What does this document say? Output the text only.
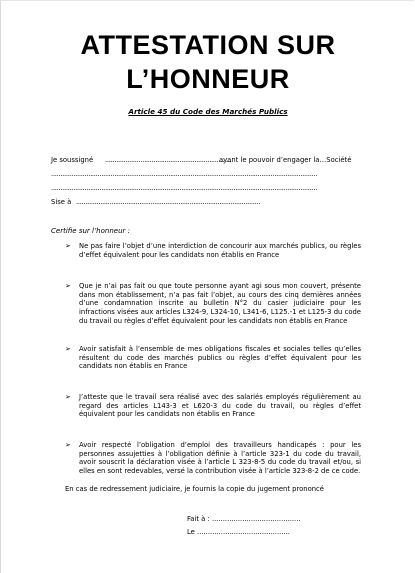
ATTESTATION SUR
L’HONNEUR
Article 45 du Code des Marchés Publics
Je soussigné ....................................................................
ayant le pouvoir d’engager la…Société
...............................................................................................................................................
...............................................................................................................................................
Sise à ...................................................................................................
Certifie sur l’honneur :
➢ Ne pas faire l’objet d’une interdiction de concourir aux marchés publics, ou règles d’effet équivalent pour les candidats non établis en France
➢ Que je n’ai pas fait ou que toute personne ayant agi sous mon couvert, présente dans mon établissement, n’a pas fait l’objet, au cours des cinq dernières années d’une condamnation inscrite au bulletin N°2 du casier judiciaire pour les infractions visées aux articles L324-9, L324-10, L341-6, L125.-1 et L125-3 du code du travail ou règles d’effet équivalent pour les candidats non établis en France
➢ Avoir satisfait à l’ensemble de mes obligations fiscales et sociales telles qu’elles résultent du code des marchés publics ou règles d’effet équivalent pour les candidats non établis en France
➢ J’atteste que le travail sera réalisé avec des salariés employés régulièrement au regard des articles L143-3 et L620-3 du code du travail, ou règles d’effet équivalent pour les candidats non établis en France
➢ Avoir respecté l’obligation d’emploi des travailleurs handicapés : pour les personnes assujetties à l’obligation définie à l’article 323-1 du code du travail, avoir souscrit la déclaration visée à l’article L 323-8-5 du code du travail et/ou, si elles en sont redevables, versé la contribution visée à l’article 323-8-2 de ce code.
En cas de redressement judiciaire, je fournis la copie du jugement prononcé
Fait à : .........................................
Le ...........................................
